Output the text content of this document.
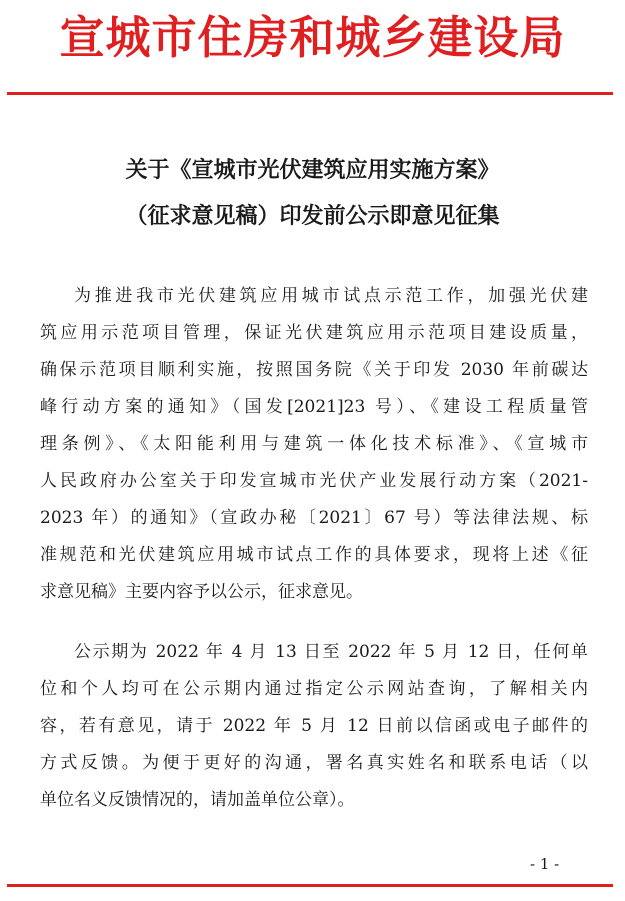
宣城市住房和城乡建设局
关于《宣城市光伏建筑应用实施方案》
（征求意见稿）印发前公示即意见征集
为推进我市光伏建筑应用城市试点示范工作，加强光伏建
筑应用示范项目管理，保证光伏建筑应用示范项目建设质量，
确保示范项目顺利实施，按照国务院《关于印发 2030 年前碳达
峰行动方案的通知》（国发[2021]23 号）、《建设工程质量管
理条例》、《太阳能利用与建筑一体化技术标准》、《宣城市
人民政府办公室关于印发宣城市光伏产业发展行动方案（2021-
2023 年）的通知》（宣政办秘〔2021〕67 号）等法律法规、标
准规范和光伏建筑应用城市试点工作的具体要求，现将上述《征
求意见稿》主要内容予以公示，征求意见。
公示期为 2022 年 4 月 13 日至 2022 年 5 月 12 日，任何单
位和个人均可在公示期内通过指定公示网站查询，了解相关内
容，若有意见，请于 2022 年 5 月 12 日前以信函或电子邮件的
方式反馈。为便于更好的沟通，署名真实姓名和联系电话（以
单位名义反馈情况的，请加盖单位公章）。
- 1 -
